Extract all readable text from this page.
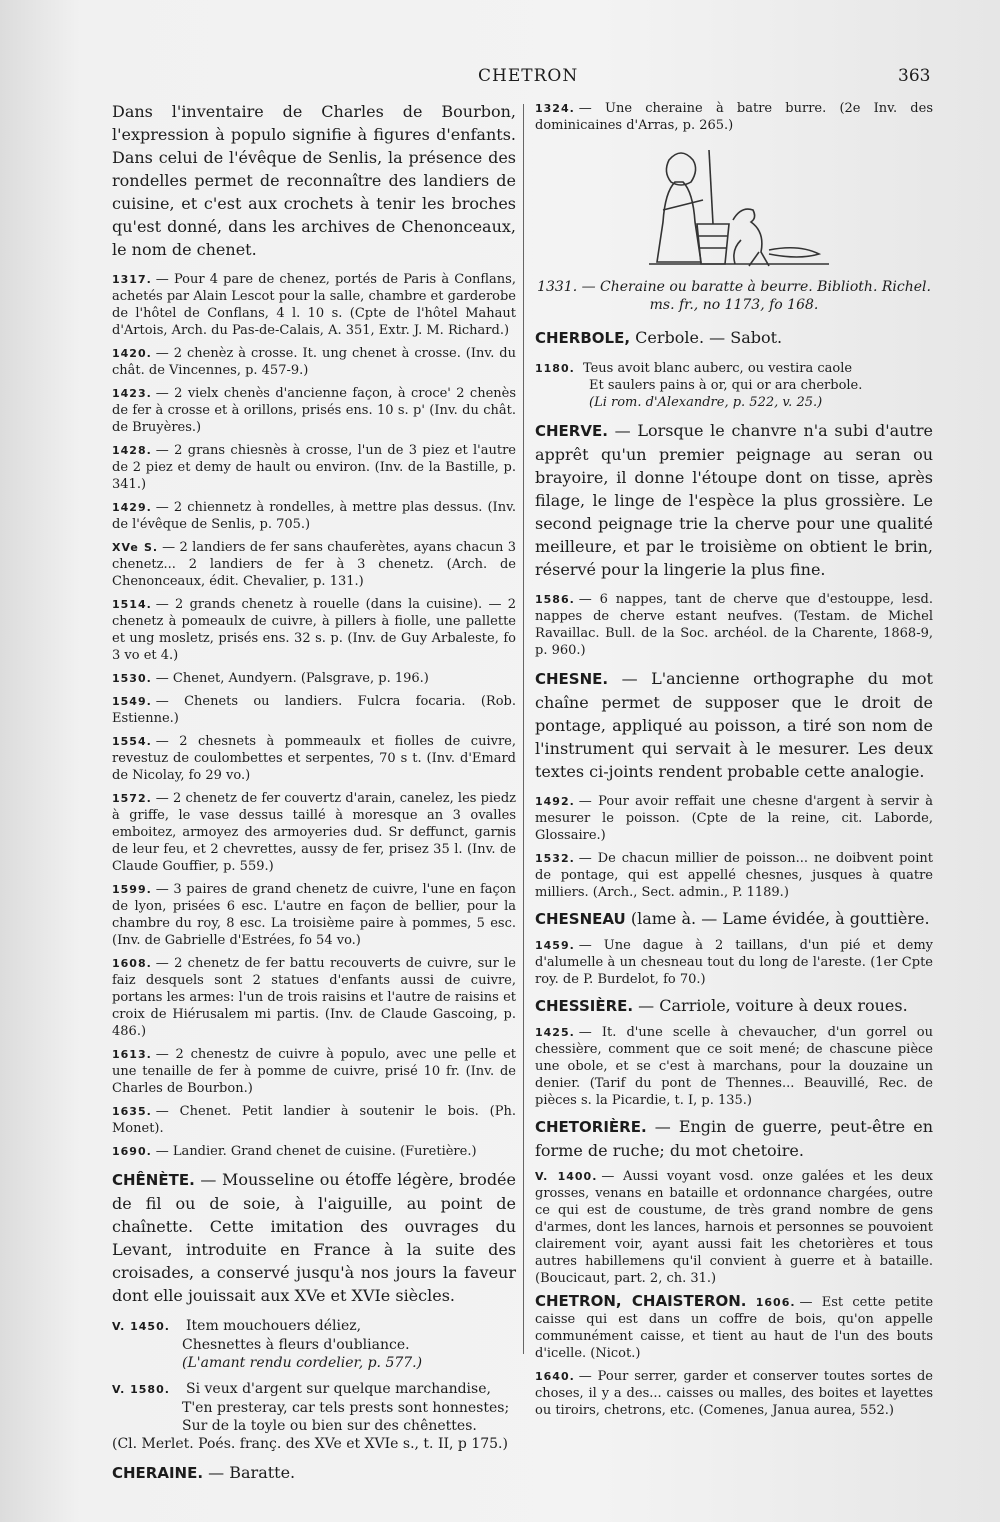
CHETRON	363

Dans l'inventaire de Charles de Bourbon, l'expression à populo signifie à figures d'enfants. Dans celui de l'évêque de Senlis, la présence des rondelles permet de reconnaître des landiers de cuisine, et c'est aux crochets à tenir les broches qu'est donné, dans les archives de Chenonceaux, le nom de chenet.

1317. — Pour 4 pare de chenez, portés de Paris à Conflans, achetés par Alain Lescot pour la salle, chambre et garderobe de l'hôtel de Conflans, 4 l. 10 s. (Cpte de l'hôtel Mahaut d'Artois, Arch. du Pas-de-Calais, A. 351, Extr. J. M. Richard.)

1420. — 2 chenèz à crosse. It. ung chenet à crosse. (Inv. du chât. de Vincennes, p. 457-9.)

1423. — 2 vielx chenès d'ancienne façon, à croce' 2 chenès de fer à crosse et à orillons, prisés ens. 10 s. p' (Inv. du chât. de Bruyères.)

1428. — 2 grans chiesnès à crosse, l'un de 3 piez et l'autre de 2 piez et demy de hault ou environ. (Inv. de la Bastille, p. 341.)

1429. — 2 chiennetz à rondelles, à mettre plas dessus. (Inv. de l'évêque de Senlis, p. 705.)

XVe S. — 2 landiers de fer sans chauferètes, ayans chacun 3 chenetz... 2 landiers de fer à 3 chenetz. (Arch. de Chenonceaux, édit. Chevalier, p. 131.)

1514. — 2 grands chenetz à rouelle (dans la cuisine). — 2 chenetz à pomeaulx de cuivre, à pillers à fiolle, une pallette et ung mosletz, prisés ens. 32 s. p. (Inv. de Guy Arbaleste, fo 3 vo et 4.)

1530. — Chenet, Aundyern. (Palsgrave, p. 196.)

1549. — Chenets ou landiers. Fulcra focaria. (Rob. Estienne.)

1554. — 2 chesnets à pommeaulx et fiolles de cuivre, revestuz de coulombettes et serpentes, 70 s t. (Inv. d'Emard de Nicolay, fo 29 vo.)

1572. — 2 chenetz de fer couvertz d'arain, canelez, les piedz à griffe, le vase dessus taillé à moresque an 3 ovalles emboitez, armoyez des armoyeries dud. Sr deffunct, garnis de leur feu, et 2 chevrettes, aussy de fer, prisez 35 l. (Inv. de Claude Gouffier, p. 559.)

1599. — 3 paires de grand chenetz de cuivre, l'une en façon de lyon, prisées 6 esc. L'autre en façon de bellier, pour la chambre du roy, 8 esc. La troisième paire à pommes, 5 esc. (Inv. de Gabrielle d'Estrées, fo 54 vo.)

1608. — 2 chenetz de fer battu recouverts de cuivre, sur le faiz desquels sont 2 statues d'enfants aussi de cuivre, portans les armes: l'un de trois raisins et l'autre de raisins et croix de Hiérusalem mi partis. (Inv. de Claude Gascoing, p. 486.)

1613. — 2 chenestz de cuivre à populo, avec une pelle et une tenaille de fer à pomme de cuivre, prisé 10 fr. (Inv. de Charles de Bourbon.)

1635. — Chenet. Petit landier à soutenir le bois. (Ph. Monet).

1690. — Landier. Grand chenet de cuisine. (Furetière.)

CHÊNÈTE. — Mousseline ou étoffe légère, brodée de fil ou de soie, à l'aiguille, au point de chaînette. Cette imitation des ouvrages du Levant, introduite en France à la suite des croisades, a conservé jusqu'à nos jours la faveur dont elle jouissait aux XVe et XVIe siècles.

V. 1450. Item mouchouers déliez,
Chesnettes à fleurs d'oubliance.
(L'amant rendu cordelier, p. 577.)
V. 1580. Si veux d'argent sur quelque marchandise,
T'en presteray, car tels prests sont honnestes;
Sur de la toyle ou bien sur des chênettes.
(Cl. Merlet. Poés. franç. des XVe et XVIe s., t. II, p 175.)

CHERAINE. — Baratte.

1324. — Une cheraine à batre burre. (2e Inv. des dominicaines d'Arras, p. 265.)

1331. — Cheraine ou baratte à beurre. Biblioth. Richel. ms. fr., no 1173, fo 168.

CHERBOLE, Cerbole. — Sabot.

1180. Teus avoit blanc auberc, ou vestira caole
Et saulers pains à or, qui or ara cherbole.
(Li rom. d'Alexandre, p. 522, v. 25.)

CHERVE. — Lorsque le chanvre n'a subi d'autre apprêt qu'un premier peignage au seran ou brayoire, il donne l'étoupe dont on tisse, après filage, le linge de l'espèce la plus grossière. Le second peignage trie la cherve pour une qualité meilleure, et par le troisième on obtient le brin, réservé pour la lingerie la plus fine.

1586. — 6 nappes, tant de cherve que d'estouppe, lesd. nappes de cherve estant neufves. (Testam. de Michel Ravaillac. Bull. de la Soc. archéol. de la Charente, 1868-9, p. 960.)

CHESNE. — L'ancienne orthographe du mot chaîne permet de supposer que le droit de pontage, appliqué au poisson, a tiré son nom de l'instrument qui servait à le mesurer. Les deux textes ci-joints rendent probable cette analogie.

1492. — Pour avoir reffait une chesne d'argent à servir à mesurer le poisson. (Cpte de la reine, cit. Laborde, Glossaire.)

1532. — De chacun millier de poisson... ne doibvent point de pontage, qui est appellé chesnes, jusques à quatre milliers. (Arch., Sect. admin., P. 1189.)

CHESNEAU (lame à. — Lame évidée, à gouttière.

1459. — Une dague à 2 taillans, d'un pié et demy d'alumelle à un chesneau tout du long de l'areste. (1er Cpte roy. de P. Burdelot, fo 70.)

CHESSIÈRE. — Carriole, voiture à deux roues.

1425. — It. d'une scelle à chevaucher, d'un gorrel ou chessière, comment que ce soit mené; de chascune pièce une obole, et se c'est à marchans, pour la douzaine un denier. (Tarif du pont de Thennes... Beauvillé, Rec. de pièces s. la Picardie, t. I, p. 135.)

CHETORIÈRE. — Engin de guerre, peut-être en forme de ruche; du mot chetoire.

V. 1400. — Aussi voyant vosd. onze galées et les deux grosses, venans en bataille et ordonnance chargées, outre ce qui est de coustume, de très grand nombre de gens d'armes, dont les lances, harnois et personnes se pouvoient clairement voir, ayant aussi fait les chetorières et tous autres habillemens qu'il convient à guerre et à bataille. (Boucicaut, part. 2, ch. 31.)

CHETRON, CHAISTERON. 1606. — Est cette petite caisse qui est dans un coffre de bois, qu'on appelle communément caisse, et tient au haut de l'un des bouts d'icelle. (Nicot.)

1640. — Pour serrer, garder et conserver toutes sortes de choses, il y a des... caisses ou malles, des boites et layettes ou tiroirs, chetrons, etc. (Comenes, Janua aurea, 552.)
